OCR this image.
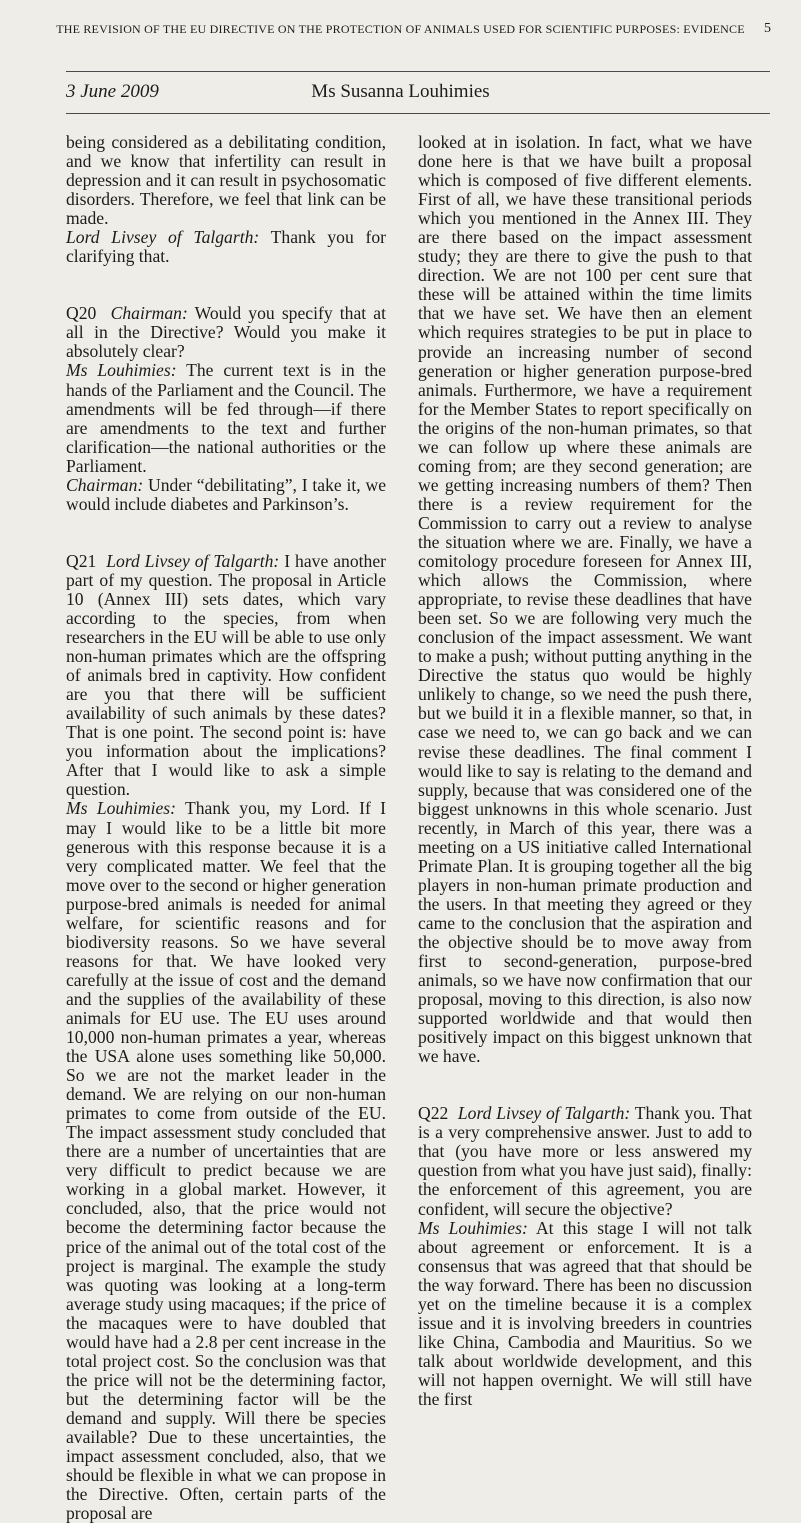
THE REVISION OF THE EU DIRECTIVE ON THE PROTECTION OF ANIMALS USED FOR SCIENTIFIC PURPOSES: EVIDENCE	5
3 June 2009	Ms Susanna Louhimies

being considered as a debilitating condition, and we know that infertility can result in depression and it can result in psychosomatic disorders. Therefore, we feel that link can be made.

Lord Livsey of Talgarth: Thank you for clarifying that.

Q20 Chairman: Would you specify that at all in the Directive? Would you make it absolutely clear?

Ms Louhimies: The current text is in the hands of the Parliament and the Council. The amendments will be fed through—if there are amendments to the text and further clarification—the national authorities or the Parliament.

Chairman: Under “debilitating”, I take it, we would include diabetes and Parkinson’s.

Q21 Lord Livsey of Talgarth: I have another part of my question. The proposal in Article 10 (Annex III) sets dates, which vary according to the species, from when researchers in the EU will be able to use only non-human primates which are the offspring of animals bred in captivity. How confident are you that there will be sufficient availability of such animals by these dates? That is one point. The second point is: have you information about the implications? After that I would like to ask a simple question.

Ms Louhimies: Thank you, my Lord. If I may I would like to be a little bit more generous with this response because it is a very complicated matter. We feel that the move over to the second or higher generation purpose-bred animals is needed for animal welfare, for scientific reasons and for biodiversity reasons. So we have several reasons for that. We have looked very carefully at the issue of cost and the demand and the supplies of the availability of these animals for EU use. The EU uses around 10,000 non-human primates a year, whereas the USA alone uses something like 50,000. So we are not the market leader in the demand. We are relying on our non-human primates to come from outside of the EU. The impact assessment study concluded that there are a number of uncertainties that are very difficult to predict because we are working in a global market. However, it concluded, also, that the price would not become the determining factor because the price of the animal out of the total cost of the project is marginal. The example the study was quoting was looking at a long-term average study using macaques; if the price of the macaques were to have doubled that would have had a 2.8 per cent increase in the total project cost. So the conclusion was that the price will not be the determining factor, but the determining factor will be the demand and supply. Will there be species available? Due to these uncertainties, the impact assessment concluded, also, that we should be flexible in what we can propose in the Directive. Often, certain parts of the proposal are

looked at in isolation. In fact, what we have done here is that we have built a proposal which is composed of five different elements. First of all, we have these transitional periods which you mentioned in the Annex III. They are there based on the impact assessment study; they are there to give the push to that direction. We are not 100 per cent sure that these will be attained within the time limits that we have set. We have then an element which requires strategies to be put in place to provide an increasing number of second generation or higher generation purpose-bred animals. Furthermore, we have a requirement for the Member States to report specifically on the origins of the non-human primates, so that we can follow up where these animals are coming from; are they second generation; are we getting increasing numbers of them? Then there is a review requirement for the Commission to carry out a review to analyse the situation where we are. Finally, we have a comitology procedure foreseen for Annex III, which allows the Commission, where appropriate, to revise these deadlines that have been set. So we are following very much the conclusion of the impact assessment. We want to make a push; without putting anything in the Directive the status quo would be highly unlikely to change, so we need the push there, but we build it in a flexible manner, so that, in case we need to, we can go back and we can revise these deadlines. The final comment I would like to say is relating to the demand and supply, because that was considered one of the biggest unknowns in this whole scenario. Just recently, in March of this year, there was a meeting on a US initiative called International Primate Plan. It is grouping together all the big players in non-human primate production and the users. In that meeting they agreed or they came to the conclusion that the aspiration and the objective should be to move away from first to second-generation, purpose-bred animals, so we have now confirmation that our proposal, moving to this direction, is also now supported worldwide and that would then positively impact on this biggest unknown that we have.

Q22 Lord Livsey of Talgarth: Thank you. That is a very comprehensive answer. Just to add to that (you have more or less answered my question from what you have just said), finally: the enforcement of this agreement, you are confident, will secure the objective?

Ms Louhimies: At this stage I will not talk about agreement or enforcement. It is a consensus that was agreed that that should be the way forward. There has been no discussion yet on the timeline because it is a complex issue and it is involving breeders in countries like China, Cambodia and Mauritius. So we talk about worldwide development, and this will not happen overnight. We will still have the first
